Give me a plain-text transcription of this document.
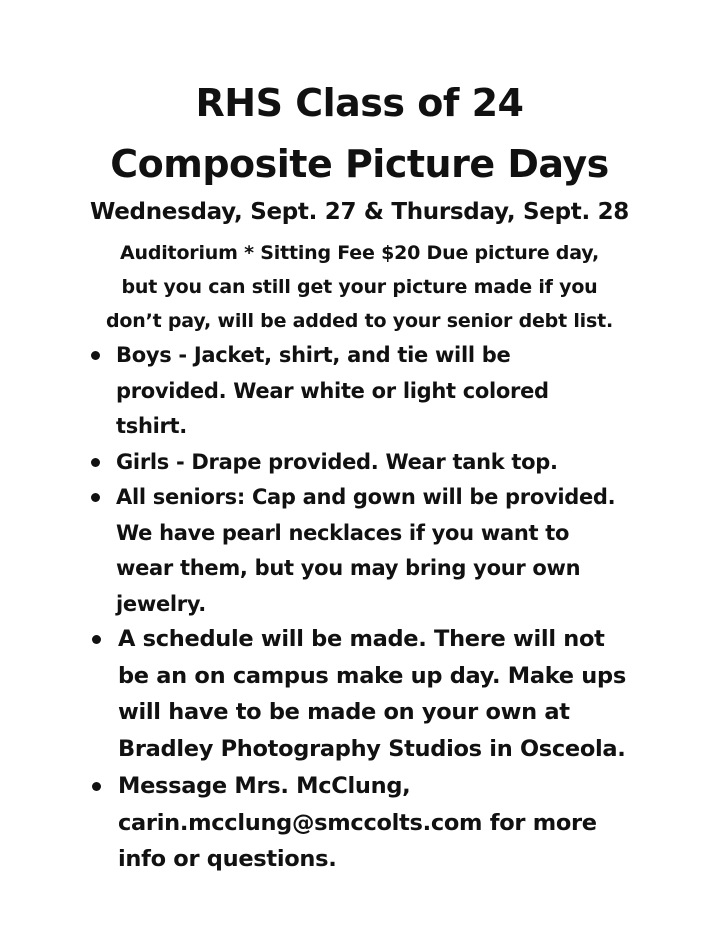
RHS Class of 24
Composite Picture Days
Wednesday, Sept. 27 & Thursday, Sept. 28

Auditorium * Sitting Fee $20 Due picture day,
but you can still get your picture made if you
don’t pay, will be added to your senior debt list.

Boys - Jacket, shirt, and tie will be
provided. Wear white or light colored
tshirt.
Girls - Drape provided. Wear tank top.
All seniors: Cap and gown will be provided.
We have pearl necklaces if you want to
wear them, but you may bring your own
jewelry.
A schedule will be made. There will not
be an on campus make up day. Make ups
will have to be made on your own at
Bradley Photography Studios in Osceola.
Message Mrs. McClung,
carin.mcclung@smccolts.com for more
info or questions.
